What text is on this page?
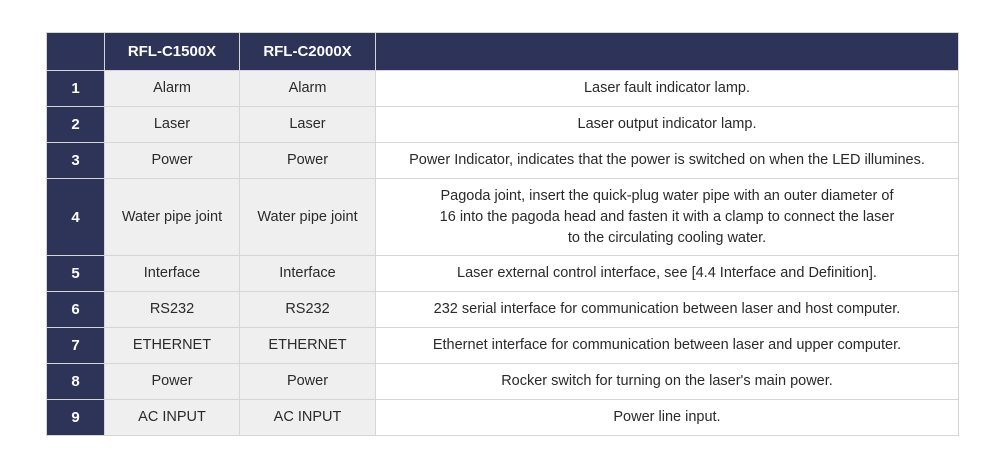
	RFL-C1500X	RFL-C2000X	
1	Alarm	Alarm	Laser fault indicator lamp.
2	Laser	Laser	Laser output indicator lamp.
3	Power	Power	Power Indicator, indicates that the power is switched on when the LED illumines.
4	Water pipe joint	Water pipe joint	Pagoda joint, insert the quick-plug water pipe with an outer diameter of
16 into the pagoda head and fasten it with a clamp to connect the laser
to the circulating cooling water.

5	Interface	Interface	Laser external control interface, see [4.4 Interface and Definition].
6	RS232	RS232	232 serial interface for communication between laser and host computer.
7	ETHERNET	ETHERNET	Ethernet interface for communication between laser and upper computer.
8	Power	Power	Rocker switch for turning on the laser's main power.
9	AC INPUT	AC INPUT	Power line input.
